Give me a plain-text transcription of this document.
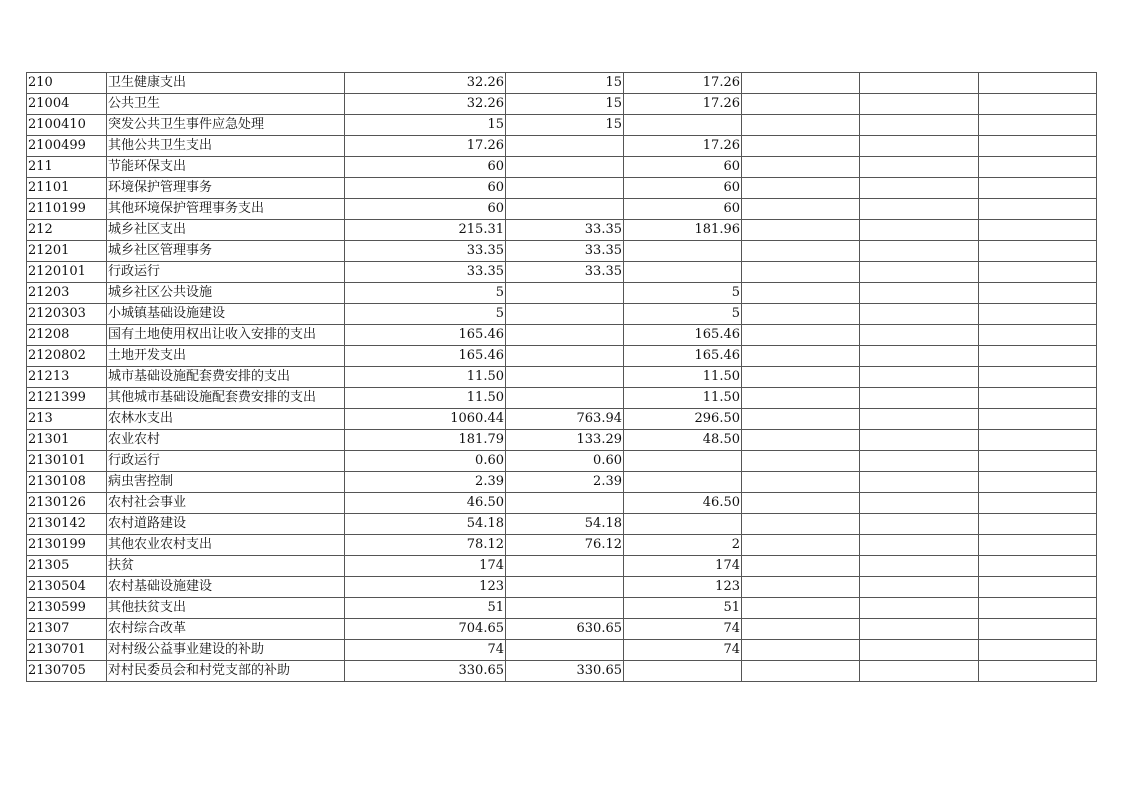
210	卫生健康支出	32.26	15	17.26			
21004	公共卫生	32.26	15	17.26			
2100410	突发公共卫生事件应急处理	15	15				
2100499	其他公共卫生支出	17.26		17.26			
211	节能环保支出	60		60			
21101	环境保护管理事务	60		60			
2110199	其他环境保护管理事务支出	60		60			
212	城乡社区支出	215.31	33.35	181.96			
21201	城乡社区管理事务	33.35	33.35				
2120101	行政运行	33.35	33.35				
21203	城乡社区公共设施	5		5			
2120303	小城镇基础设施建设	5		5			
21208	国有土地使用权出让收入安排的支出	165.46		165.46			
2120802	土地开发支出	165.46		165.46			
21213	城市基础设施配套费安排的支出	11.50		11.50			
2121399	其他城市基础设施配套费安排的支出	11.50		11.50			
213	农林水支出	1060.44	763.94	296.50			
21301	农业农村	181.79	133.29	48.50			
2130101	行政运行	0.60	0.60				
2130108	病虫害控制	2.39	2.39				
2130126	农村社会事业	46.50		46.50			
2130142	农村道路建设	54.18	54.18				
2130199	其他农业农村支出	78.12	76.12	2			
21305	扶贫	174		174			
2130504	农村基础设施建设	123		123			
2130599	其他扶贫支出	51		51			
21307	农村综合改革	704.65	630.65	74			
2130701	对村级公益事业建设的补助	74		74			
2130705	对村民委员会和村党支部的补助	330.65	330.65				
